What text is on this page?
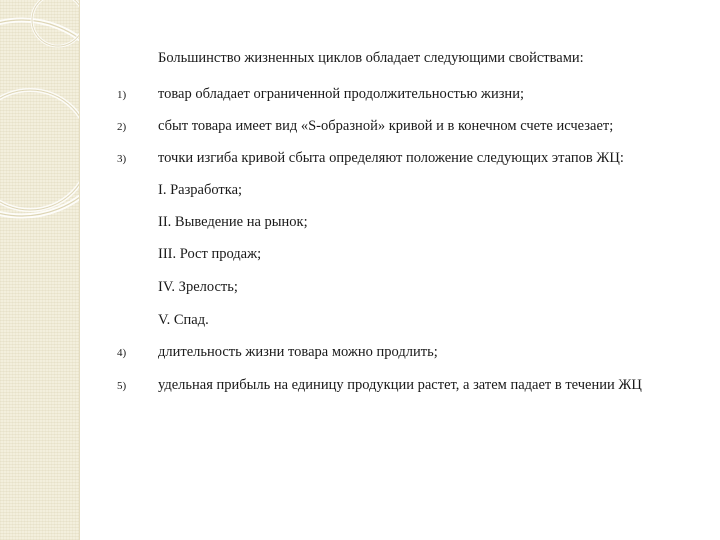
Большинство жизненных циклов обладает следующими свойствами:
1) товар обладает ограниченной продолжительностью жизни;
2) сбыт товара имеет вид «S-образной» кривой и в конечном счете исчезает;
3) точки изгиба кривой сбыта определяют положение следующих этапов ЖЦ:
I. Разработка;
II. Выведение на рынок;
III. Рост продаж;
IV. Зрелость;
V. Спад.
4) длительность жизни товара можно продлить;
5) удельная прибыль на единицу продукции растет, а затем падает в течении ЖЦ
